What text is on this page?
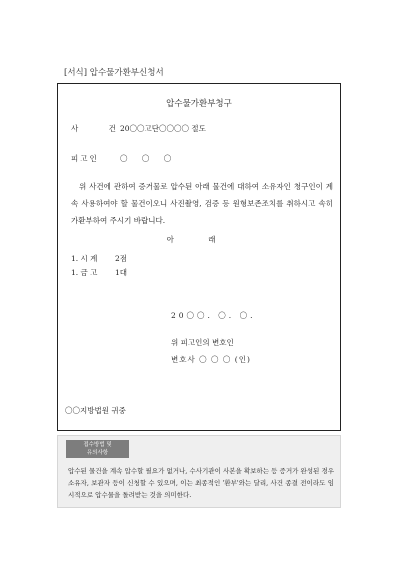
[서식] 압수물가환부신청서
압수물가환부청구
사 건
20〇〇고단〇〇〇〇 절도
피고인	〇 〇 〇
위 사건에 관하여 증거물로 압수된 아래 물건에 대하여 소유자인 청구인이 계속 사용하여야 할 물건이오니 사진촬영, 검증 등 원형보존조치를 취하시고 속히 가환부하여 주시기 바랍니다.
아 래
1. 시 계 2점
1. 금 고 1대
20〇〇. 〇. 〇.
위 피고인의 변호인
변호사 〇 〇 〇 (인)
〇〇지방법원 귀중
접수방법 및
유의사항
압수된 물건을 계속 압수할 필요가 없거나, 수사기관이 사본을 확보하는 등 증거가 완성된 경우 소유자, 보관자 등이 신청할 수 있으며, 이는 최종적인 '환부'와는 달리, 사건 종결 전이라도 임시적으로 압수물을 돌려받는 것을 의미한다.
